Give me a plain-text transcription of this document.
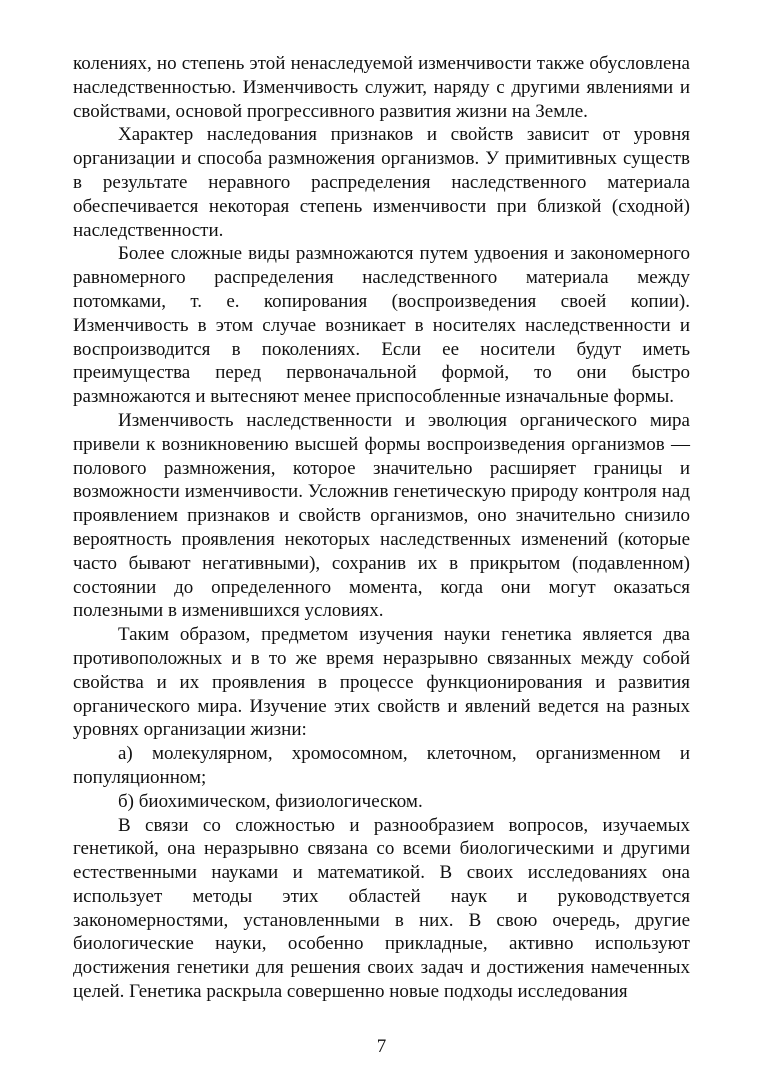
колениях, но степень этой ненаследуемой изменчивости также обусловлена наследственностью. Изменчивость служит, наряду с другими явлениями и свойствами, основой прогрессивного развития жизни на Земле.

Характер наследования признаков и свойств зависит от уровня организации и способа размножения организмов. У примитивных существ в результате неравного распределения наследственного материала обеспечивается некоторая степень изменчивости при близкой (сходной) наследственности.

Более сложные виды размножаются путем удвоения и закономерного равномерного распределения наследственного материала между потомками, т. е. копирования (воспроизведения своей копии). Изменчивость в этом случае возникает в носителях наследственности и воспроизводится в поколениях. Если ее носители будут иметь преимущества перед первоначальной формой, то они быстро размножаются и вытесняют менее приспособленные изначальные формы.

Изменчивость наследственности и эволюция органического мира привели к возникновению высшей формы воспроизведения организмов — полового размножения, которое значительно расширяет границы и возможности изменчивости. Усложнив генетическую природу контроля над проявлением признаков и свойств организмов, оно значительно снизило вероятность проявления некоторых наследственных изменений (которые часто бывают негативными), сохранив их в прикрытом (подавленном) состоянии до определенного момента, когда они могут оказаться полезными в изменившихся условиях.

Таким образом, предметом изучения науки генетика является два противоположных и в то же время неразрывно связанных между собой свойства и их проявления в процессе функционирования и развития органического мира. Изучение этих свойств и явлений ведется на разных уровнях организации жизни:

а) молекулярном, хромосомном, клеточном, организменном и популяционном;

б) биохимическом, физиологическом.

В связи со сложностью и разнообразием вопросов, изучаемых генетикой, она неразрывно связана со всеми биологическими и другими естественными науками и математикой. В своих исследованиях она использует методы этих областей наук и руководствуется закономерностями, установленными в них. В свою очередь, другие биологические науки, особенно прикладные, активно используют достижения генетики для решения своих задач и достижения намеченных целей. Генетика раскрыла совершенно новые подходы исследования

7
